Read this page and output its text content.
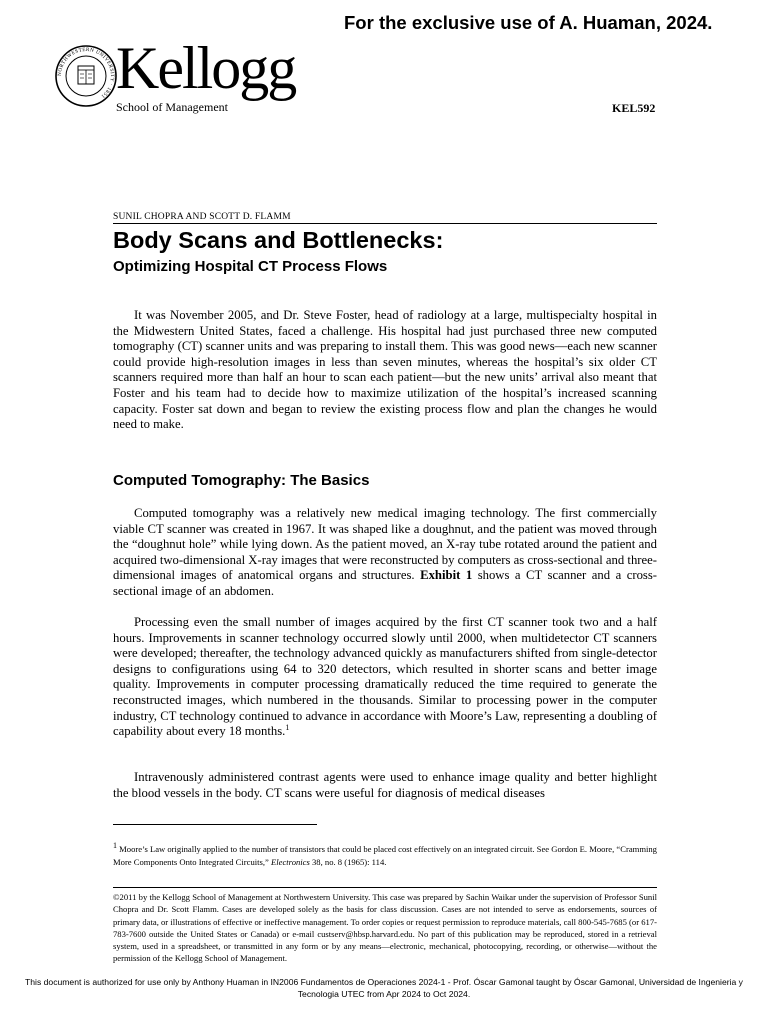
For the exclusive use of A. Huaman, 2024.
NORTHWESTERN UNIVERSITY · 1851 Kellogg
School of Management	KEL592
SUNIL CHOPRA AND SCOTT D. FLAMM
Body Scans and Bottlenecks:
Optimizing Hospital CT Process Flows

It was November 2005, and Dr. Steve Foster, head of radiology at a large, multispecialty hospital in the Midwestern United States, faced a challenge. His hospital had just purchased three new computed tomography (CT) scanner units and was preparing to install them. This was good news—each new scanner could provide high-resolution images in less than seven minutes, whereas the hospital’s six older CT scanners required more than half an hour to scan each patient—but the new units’ arrival also meant that Foster and his team had to decide how to maximize utilization of the hospital’s increased scanning capacity. Foster sat down and began to review the existing process flow and plan the changes he would need to make.

Computed Tomography: The Basics

Computed tomography was a relatively new medical imaging technology. The first commercially viable CT scanner was created in 1967. It was shaped like a doughnut, and the patient was moved through the “doughnut hole” while lying down. As the patient moved, an X-ray tube rotated around the patient and acquired two-dimensional X-ray images that were reconstructed by computers as cross-sectional and three-dimensional images of anatomical organs and structures. Exhibit 1 shows a CT scanner and a cross-sectional image of an abdomen.

Processing even the small number of images acquired by the first CT scanner took two and a half hours. Improvements in scanner technology occurred slowly until 2000, when multidetector CT scanners were developed; thereafter, the technology advanced quickly as manufacturers shifted from single-detector designs to configurations using 64 to 320 detectors, which resulted in shorter scans and better image quality. Improvements in computer processing dramatically reduced the time required to generate the reconstructed images, which numbered in the thousands. Similar to processing power in the computer industry, CT technology continued to advance in accordance with Moore’s Law, representing a doubling of capability about every 18 months.$^1$

Intravenously administered contrast agents were used to enhance image quality and better highlight the blood vessels in the body. CT scans were useful for diagnosis of medical diseases

$^1$ Moore’s Law originally applied to the number of transistors that could be placed cost effectively on an integrated circuit. See Gordon E. Moore, “Cramming More Components Onto Integrated Circuits,” Electronics 38, no. 8 (1965): 114.

©2011 by the Kellogg School of Management at Northwestern University. This case was prepared by Sachin Waikar under the supervision of Professor Sunil Chopra and Dr. Scott Flamm. Cases are developed solely as the basis for class discussion. Cases are not intended to serve as endorsements, sources of primary data, or illustrations of effective or ineffective management. To order copies or request permission to reproduce materials, call 800-545-7685 (or 617-783-7600 outside the United States or Canada) or e-mail custserv@hbsp.harvard.edu. No part of this publication may be reproduced, stored in a retrieval system, used in a spreadsheet, or transmitted in any form or by any means—electronic, mechanical, photocopying, recording, or otherwise—without the permission of the Kellogg School of Management.

This document is authorized for use only by Anthony Huaman in IN2006 Fundamentos de Operaciones 2024-1 - Prof. Óscar Gamonal taught by Óscar Gamonal, Universidad de Ingenieria y Tecnologia UTEC from Apr 2024 to Oct 2024.
